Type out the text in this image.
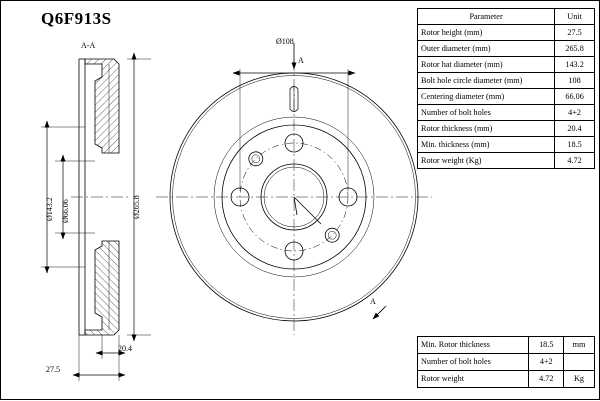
Q6F913S
A-A
A
A
Ø108
Ø265.8
Ø143.2 Ø66.06
20.4
27.5
Parameter	Unit
Rotor height (mm)	27.5
Outer diameter (mm)	265.8
Rotor hat diameter (mm)	143.2
Bolt hole circle diameter (mm)	108
Centering diameter (mm)	66.06
Number of bolt holes	4+2
Rotor thickness (mm)	20.4
Min. thickness (mm)	18.5
Rotor weight (Kg)	4.72
Min. Rotor thickness	18.5	mm
Number of bolt holes	4+2	
Rotor weight	4.72	Kg
